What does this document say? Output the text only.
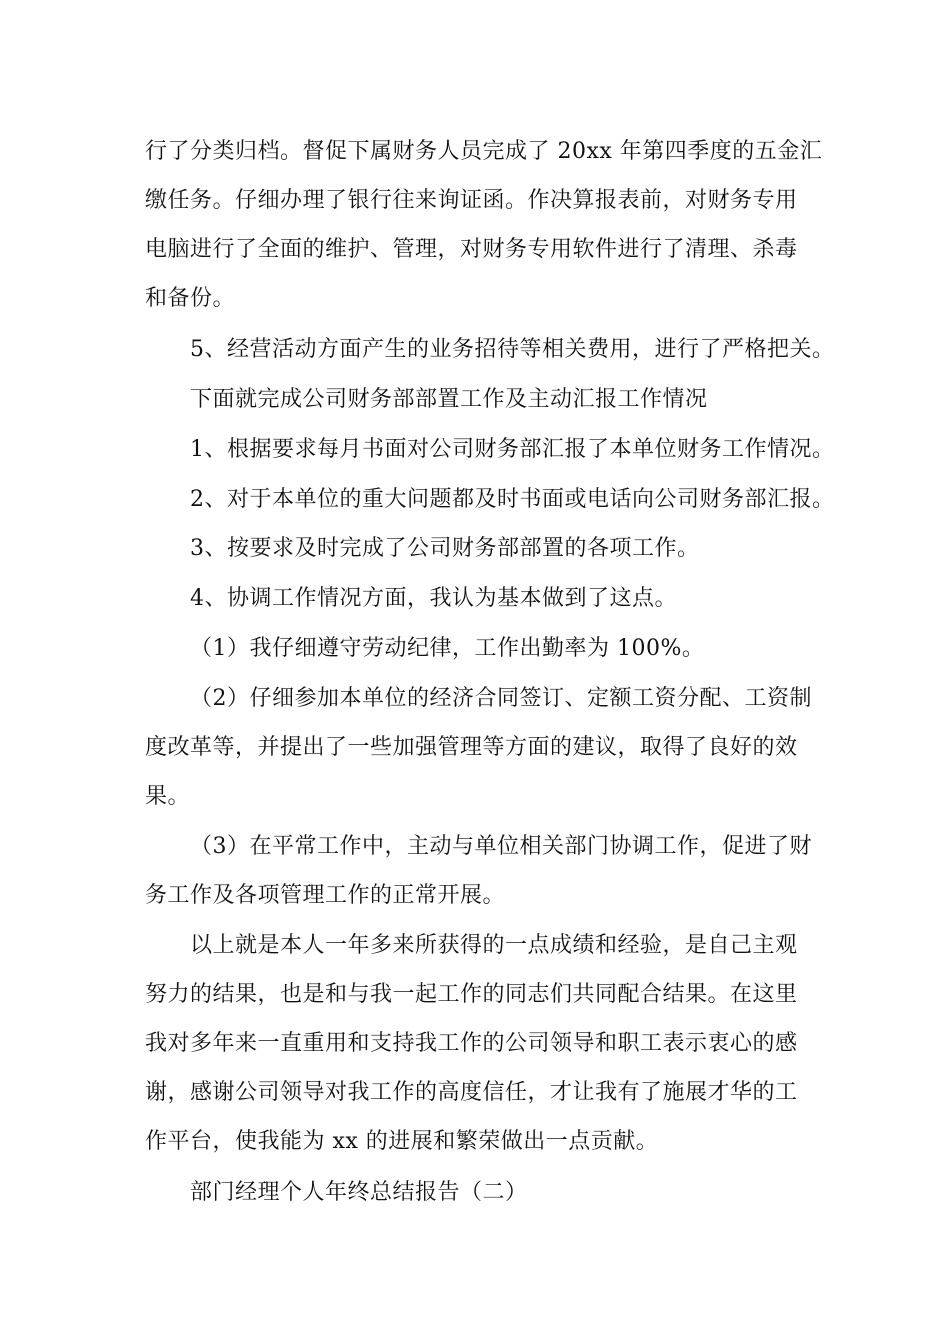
行了分类归档。督促下属财务人员完成了 20xx 年第四季度的五金汇
缴任务。仔细办理了银行往来询证函。作决算报表前，对财务专用
电脑进行了全面的维护、管理，对财务专用软件进行了清理、杀毒
和备份。
5、经营活动方面产生的业务招待等相关费用，进行了严格把关。
下面就完成公司财务部部置工作及主动汇报工作情况
1、根据要求每月书面对公司财务部汇报了本单位财务工作情况。
2、对于本单位的重大问题都及时书面或电话向公司财务部汇报。
3、按要求及时完成了公司财务部部置的各项工作。
4、协调工作情况方面，我认为基本做到了这点。
（1）我仔细遵守劳动纪律，工作出勤率为 100%。
（2）仔细参加本单位的经济合同签订、定额工资分配、工资制
度改革等，并提出了一些加强管理等方面的建议，取得了良好的效
果。
（3）在平常工作中，主动与单位相关部门协调工作，促进了财
务工作及各项管理工作的正常开展。
以上就是本人一年多来所获得的一点成绩和经验，是自己主观
努力的结果，也是和与我一起工作的同志们共同配合结果。在这里
我对多年来一直重用和支持我工作的公司领导和职工表示衷心的感
谢，感谢公司领导对我工作的高度信任，才让我有了施展才华的工
作平台，使我能为 xx 的进展和繁荣做出一点贡献。
部门经理个人年终总结报告（二）
